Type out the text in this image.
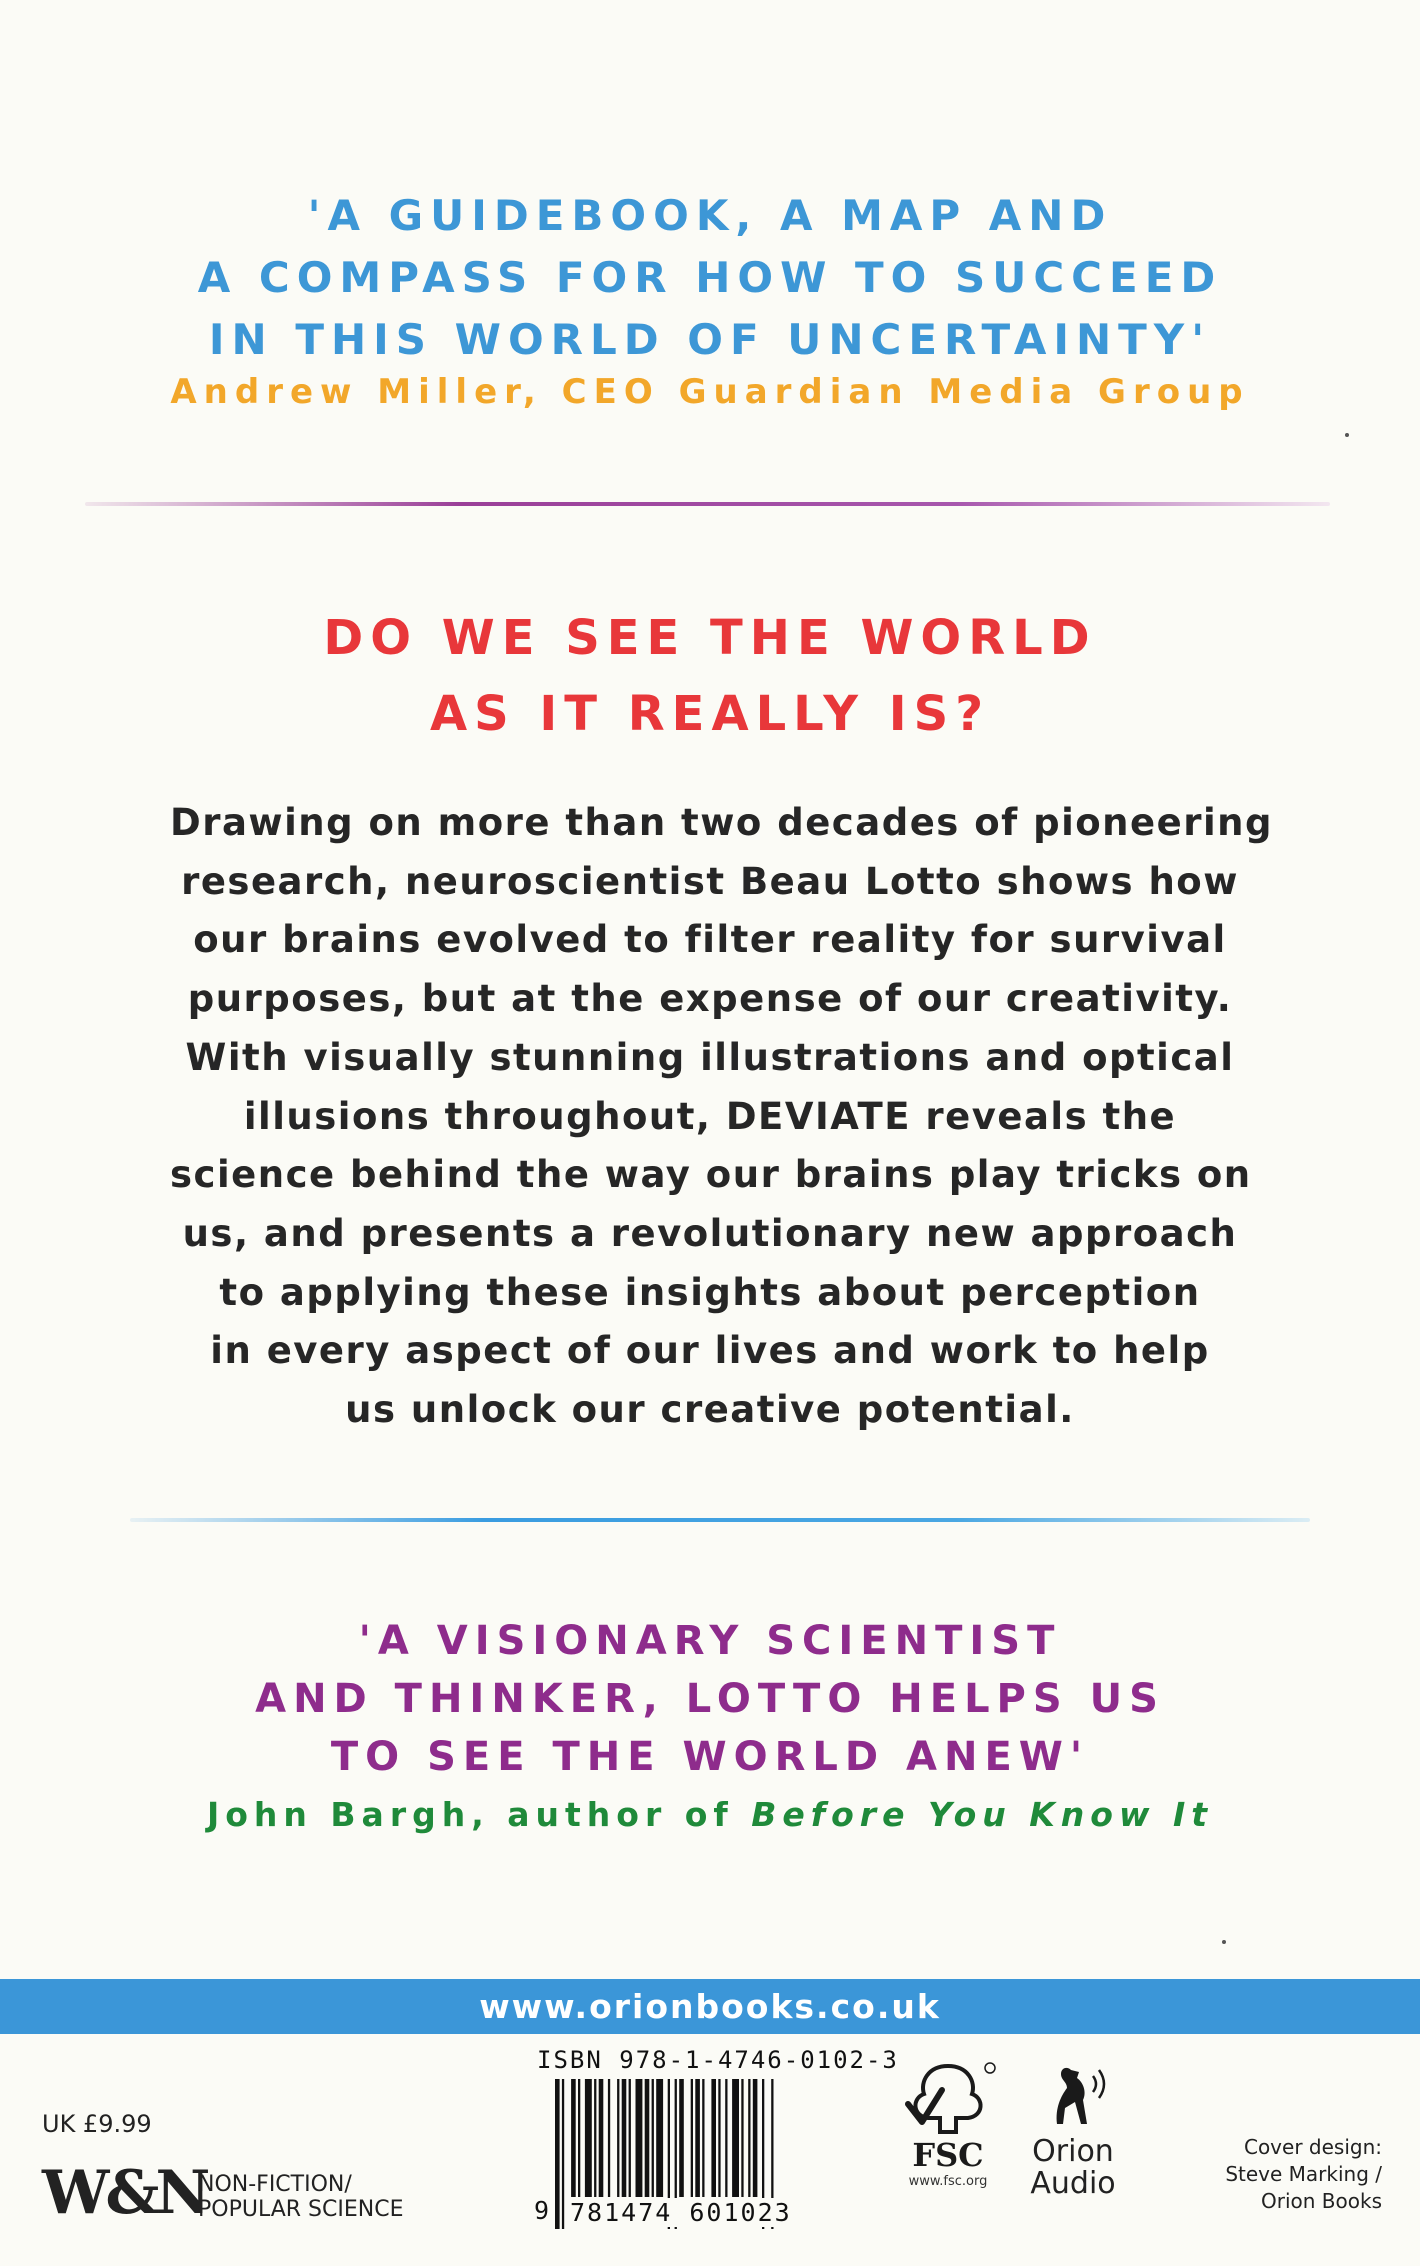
'A GUIDEBOOK, A MAP AND
A COMPASS FOR HOW TO SUCCEED
IN THIS WORLD OF UNCERTAINTY'
Andrew Miller, CEO Guardian Media Group
DO WE SEE THE WORLD
AS IT REALLY IS?
Drawing on more than two decades of pioneering
research, neuroscientist Beau Lotto shows how
our brains evolved to filter reality for survival
purposes, but at the expense of our creativity.
With visually stunning illustrations and optical
illusions throughout, DEVIATE reveals the
science behind the way our brains play tricks on
us, and presents a revolutionary new approach
to applying these insights about perception
in every aspect of our lives and work to help
us unlock our creative potential.
'A VISIONARY SCIENTIST
AND THINKER, LOTTO HELPS US
TO SEE THE WORLD ANEW'
John Bargh, author of Before You Know It
www.orionbooks.co.uk
UK £9.99
W&N
NON-FICTION/
POPULAR SCIENCE
ISBN 978-1-4746-0102-3
9 781474 601023
FSC
www.fsc.org
Orion
Audio
Cover design:
Steve Marking /
Orion Books
